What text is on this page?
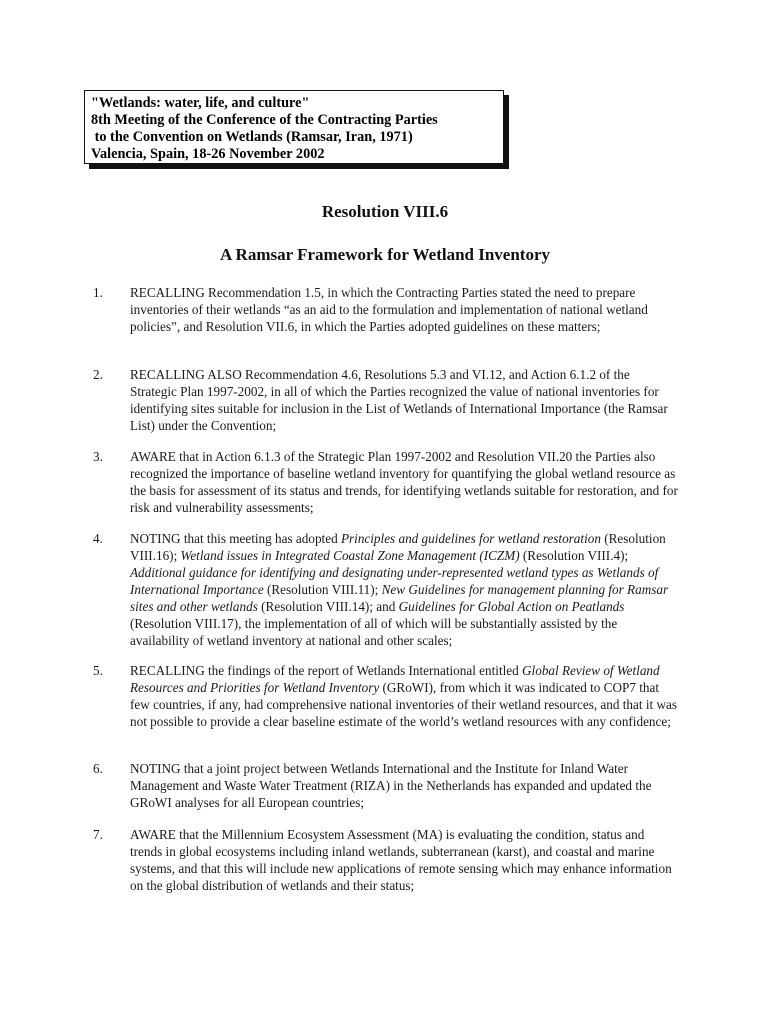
"Wetlands: water, life, and culture"
8th Meeting of the Conference of the Contracting Parties
to the Convention on Wetlands (Ramsar, Iran, 1971)
Valencia, Spain, 18-26 November 2002
Resolution VIII.6
A Ramsar Framework for Wetland Inventory
1. RECALLING Recommendation 1.5, in which the Contracting Parties stated the need to prepare inventories of their wetlands “as an aid to the formulation and implementation of national wetland policies”, and Resolution VII.6, in which the Parties adopted guidelines on these matters;
2. RECALLING ALSO Recommendation 4.6, Resolutions 5.3 and VI.12, and Action 6.1.2 of the Strategic Plan 1997-2002, in all of which the Parties recognized the value of national inventories for identifying sites suitable for inclusion in the List of Wetlands of International Importance (the Ramsar List) under the Convention;
3. AWARE that in Action 6.1.3 of the Strategic Plan 1997-2002 and Resolution VII.20 the Parties also recognized the importance of baseline wetland inventory for quantifying the global wetland resource as the basis for assessment of its status and trends, for identifying wetlands suitable for restoration, and for risk and vulnerability assessments;
4. NOTING that this meeting has adopted Principles and guidelines for wetland restoration (Resolution VIII.16); Wetland issues in Integrated Coastal Zone Management (ICZM) (Resolution VIII.4); Additional guidance for identifying and designating under-represented wetland types as Wetlands of International Importance (Resolution VIII.11); New Guidelines for management planning for Ramsar sites and other wetlands (Resolution VIII.14); and Guidelines for Global Action on Peatlands (Resolution VIII.17), the implementation of all of which will be substantially assisted by the availability of wetland inventory at national and other scales;
5. RECALLING the findings of the report of Wetlands International entitled Global Review of Wetland Resources and Priorities for Wetland Inventory (GRoWI), from which it was indicated to COP7 that few countries, if any, had comprehensive national inventories of their wetland resources, and that it was not possible to provide a clear baseline estimate of the world’s wetland resources with any confidence;
6. NOTING that a joint project between Wetlands International and the Institute for Inland Water Management and Waste Water Treatment (RIZA) in the Netherlands has expanded and updated the GRoWI analyses for all European countries;
7. AWARE that the Millennium Ecosystem Assessment (MA) is evaluating the condition, status and trends in global ecosystems including inland wetlands, subterranean (karst), and coastal and marine systems, and that this will include new applications of remote sensing which may enhance information on the global distribution of wetlands and their status;
